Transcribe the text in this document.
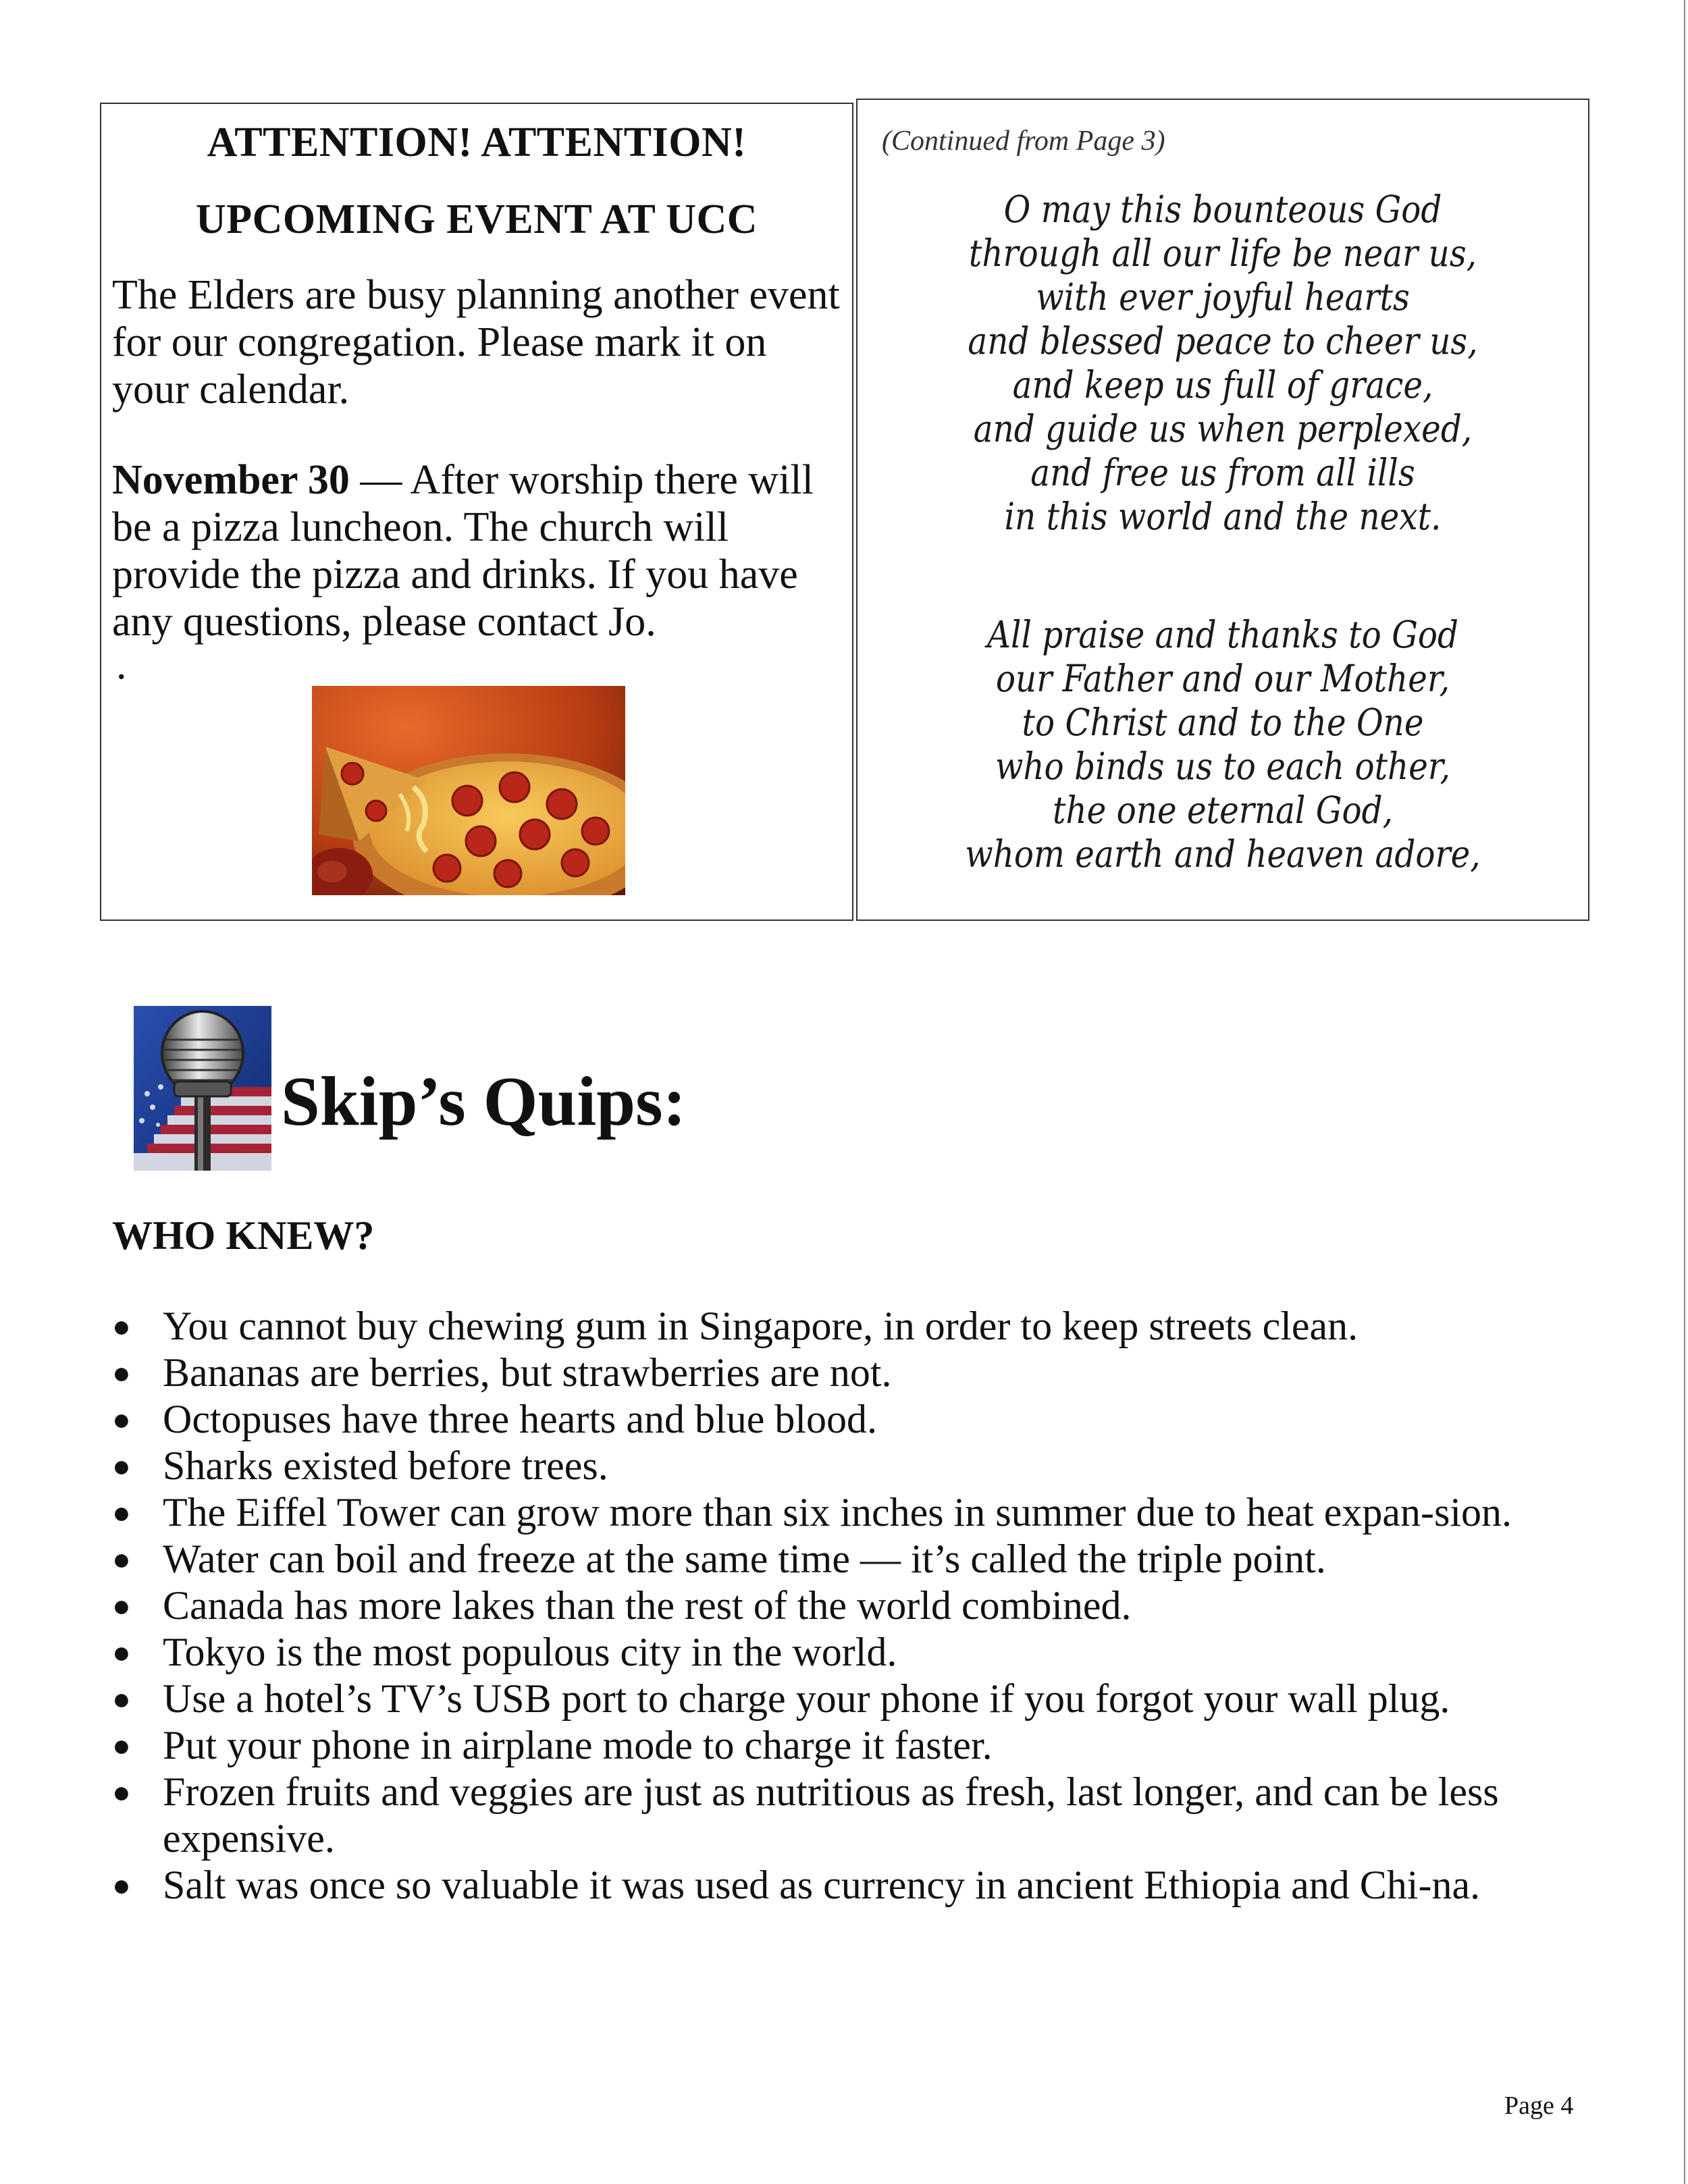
ATTENTION! ATTENTION!
UPCOMING EVENT AT UCC
The Elders are busy planning another event for our congregation. Please mark it on your calendar.
November 30 — After worship there will be a pizza luncheon. The church will provide the pizza and drinks. If you have any questions, please contact Jo.
.
(Continued from Page 3)
O may this bounteous God
through all our life be near us,
with ever joyful hearts
and blessed peace to cheer us,
and keep us full of grace,
and guide us when perplexed,
and free us from all ills
in this world and the next.
All praise and thanks to God
our Father and our Mother,
to Christ and to the One
who binds us to each other,
the one eternal God,
whom earth and heaven adore,
Skip’s Quips:
WHO KNEW?
● You cannot buy chewing gum in Singapore, in order to keep streets clean.
● Bananas are berries, but strawberries are not.
● Octopuses have three hearts and blue blood.
● Sharks existed before trees.
● The Eiffel Tower can grow more than six inches in summer due to heat expan-sion.
● Water can boil and freeze at the same time — it’s called the triple point.
● Canada has more lakes than the rest of the world combined.
● Tokyo is the most populous city in the world.
● Use a hotel’s TV’s USB port to charge your phone if you forgot your wall plug.
● Put your phone in airplane mode to charge it faster.
● Frozen fruits and veggies are just as nutritious as fresh, last longer, and can be less expensive.
● Salt was once so valuable it was used as currency in ancient Ethiopia and Chi-na.
Page 4
